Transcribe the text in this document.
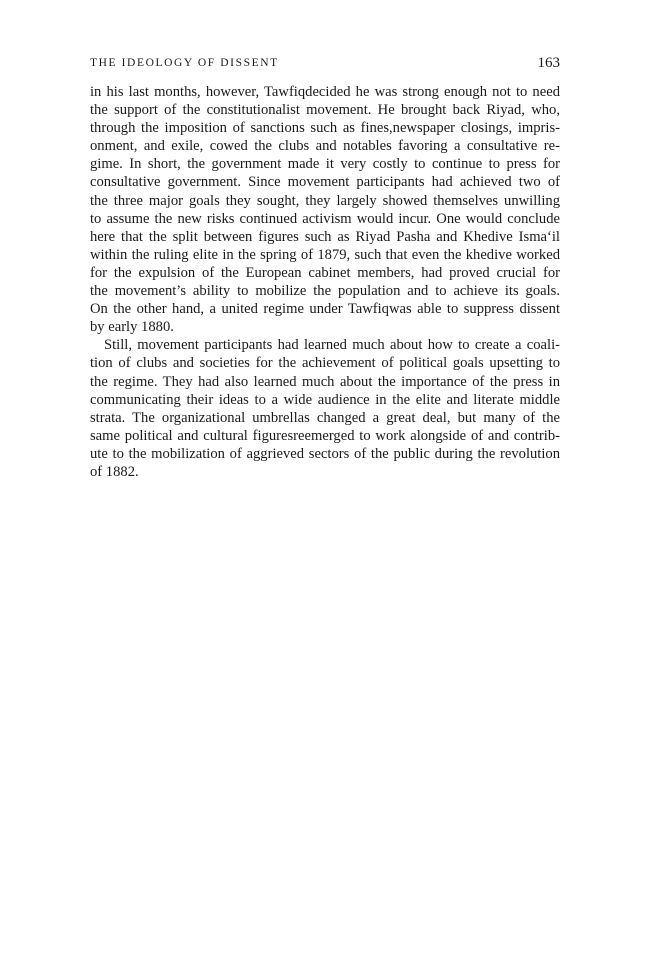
THE IDEOLOGY OF DISSENT	163
in his last months, however, Tawfiqdecided he was strong enough not to need
the support of the constitutionalist movement. He brought back Riyad, who,
through the imposition of sanctions such as fines,newspaper closings, impris-
onment, and exile, cowed the clubs and notables favoring a consultative re-
gime. In short, the government made it very costly to continue to press for
consultative government. Since movement participants had achieved two of
the three major goals they sought, they largely showed themselves unwilling
to assume the new risks continued activism would incur. One would conclude
here that the split between figures such as Riyad Pasha and Khedive Isma‘il
within the ruling elite in the spring of 1879, such that even the khedive worked
for the expulsion of the European cabinet members, had proved crucial for
the movement’s ability to mobilize the population and to achieve its goals.
On the other hand, a united regime under Tawfiqwas able to suppress dissent
by early 1880.
Still, movement participants had learned much about how to create a coali-
tion of clubs and societies for the achievement of political goals upsetting to
the regime. They had also learned much about the importance of the press in
communicating their ideas to a wide audience in the elite and literate middle
strata. The organizational umbrellas changed a great deal, but many of the
same political and cultural figuresreemerged to work alongside of and contrib-
ute to the mobilization of aggrieved sectors of the public during the revolution
of 1882.
